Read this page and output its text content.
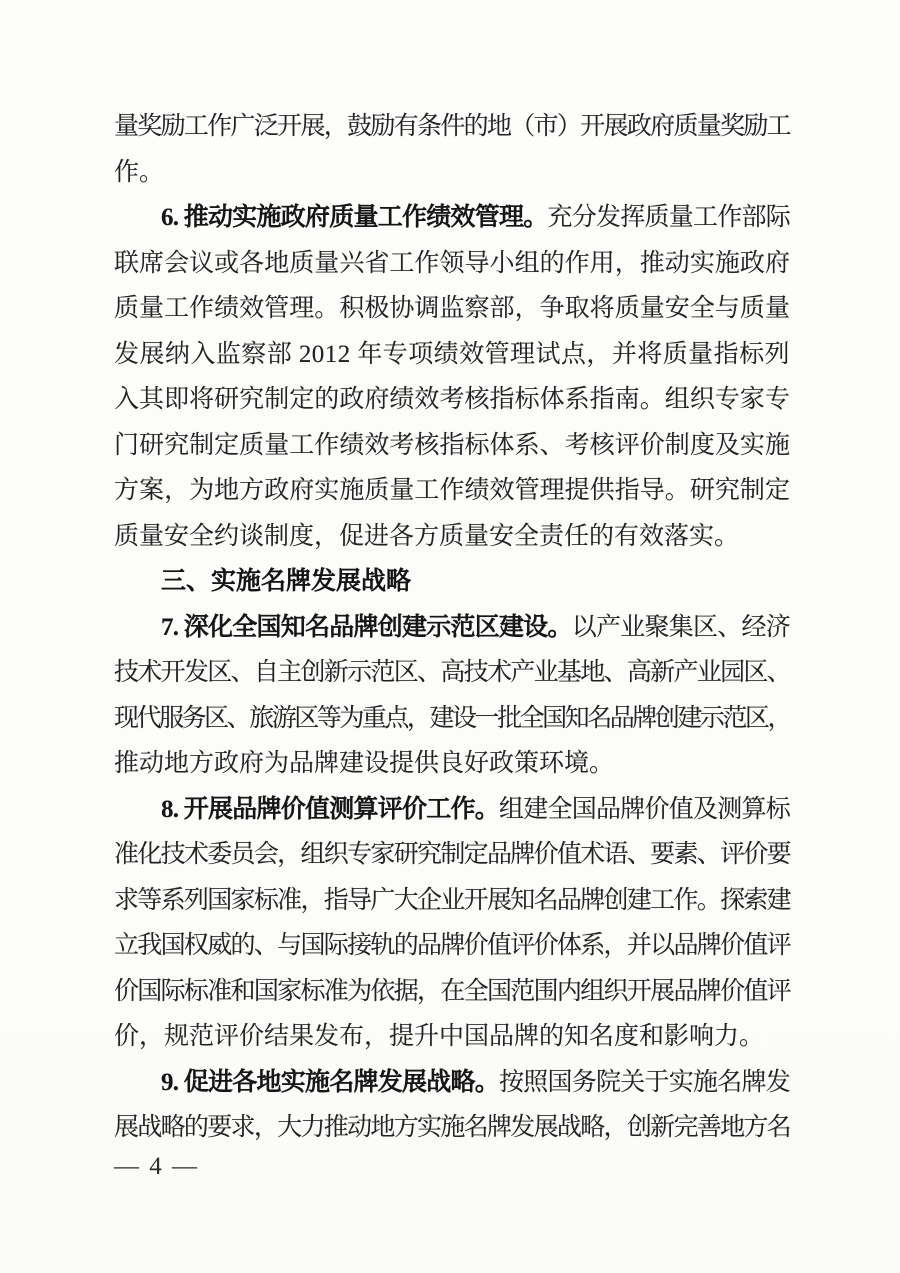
量奖励工作广泛开展，鼓励有条件的地（市）开展政府质量奖励工
作。
6. 推动实施政府质量工作绩效管理。充分发挥质量工作部际
联席会议或各地质量兴省工作领导小组的作用，推动实施政府
质量工作绩效管理。积极协调监察部，争取将质量安全与质量
发展纳入监察部 2012 年专项绩效管理试点，并将质量指标列
入其即将研究制定的政府绩效考核指标体系指南。组织专家专
门研究制定质量工作绩效考核指标体系、考核评价制度及实施
方案，为地方政府实施质量工作绩效管理提供指导。研究制定
质量安全约谈制度，促进各方质量安全责任的有效落实。
三、实施名牌发展战略
7. 深化全国知名品牌创建示范区建设。以产业聚集区、经济
技术开发区、自主创新示范区、高技术产业基地、高新产业园区、
现代服务区、旅游区等为重点，建设一批全国知名品牌创建示范区，
推动地方政府为品牌建设提供良好政策环境。
8. 开展品牌价值测算评价工作。组建全国品牌价值及测算标
准化技术委员会，组织专家研究制定品牌价值术语、要素、评价要
求等系列国家标准，指导广大企业开展知名品牌创建工作。探索建
立我国权威的、与国际接轨的品牌价值评价体系，并以品牌价值评
价国际标准和国家标准为依据，在全国范围内组织开展品牌价值评
价，规范评价结果发布，提升中国品牌的知名度和影响力。
9. 促进各地实施名牌发展战略。按照国务院关于实施名牌发
展战略的要求，大力推动地方实施名牌发展战略，创新完善地方名
— 4 —
